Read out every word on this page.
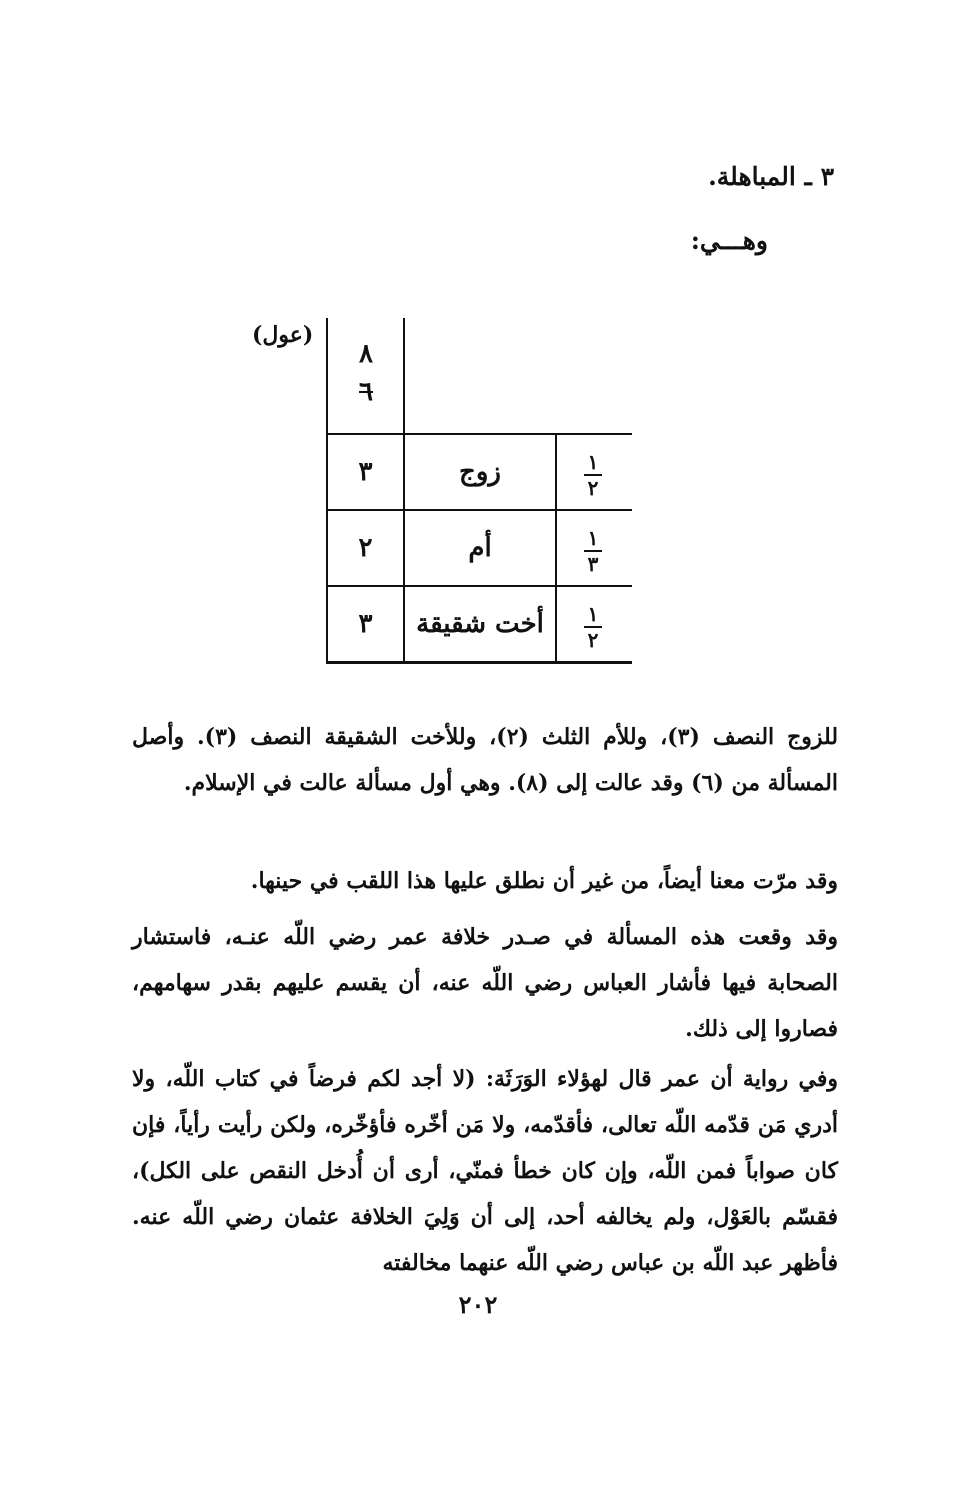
٣ ـ المباهلة.
وهـــي:
(عول)
٨
٦
١
٢
زوج
٣
١
٣
أم
٢
١
٢
أخت شقيقة
٣
للزوج النصف (٣)، وللأم الثلث (٢)، وللأخت الشقيقة النصف (٣). وأصل المسألة من (٦) وقد عالت إلى (٨). وهي أول مسألة عالت في الإسلام.
وقد مرّت معنا أيضاً، من غير أن نطلق عليها هذا اللقب في حينها.
وقد وقعت هذه المسألة في صـدر خلافة عمر رضي اللّه عنـه، فاستشار الصحابة فيها فأشار العباس رضي اللّه عنه، أن يقسم عليهم بقدر سهامهم، فصاروا إلى ذلك.
وفي رواية أن عمر قال لهؤلاء الوَرَثَة: (لا أجد لكم فرضاً في كتاب اللّه، ولا أدري مَن قدّمه اللّه تعالى، فأقدّمه، ولا مَن أخّره فأؤخّره، ولكن رأيت رأياً، فإن كان صواباً فمن اللّه، وإن كان خطأ فمنّي، أرى أن أُدخل النقص على الكل)، فقسّم بالعَوْل، ولم يخالفه أحد، إلى أن وَلِيَ الخلافة عثمان رضي اللّه عنه. فأظهر عبد اللّه بن عباس رضي اللّه عنهما مخالفته
٢٠٢
